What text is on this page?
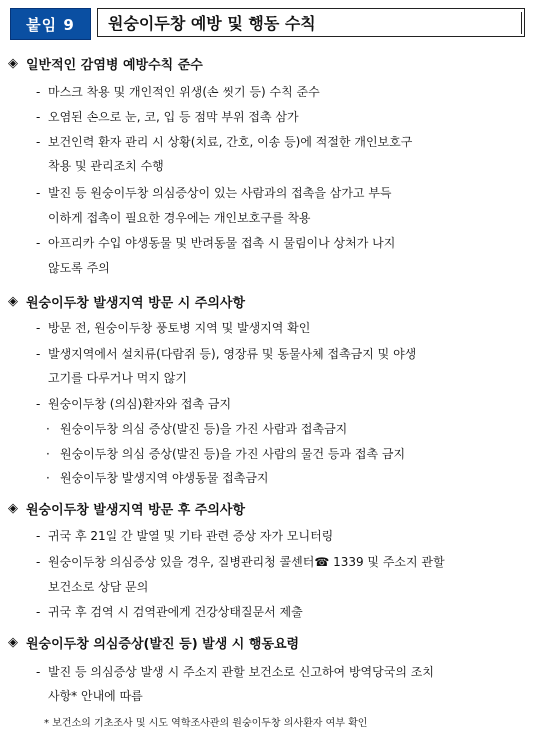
붙임 9	원숭이두창 예방 및 행동 수칙
◈ 일반적인 감염병 예방수칙 준수
- 마스크 착용 및 개인적인 위생(손 씻기 등) 수칙 준수
- 오염된 손으로 눈, 코, 입 등 점막 부위 접촉 삼가
- 보건인력 환자 관리 시 상황(치료, 간호, 이송 등)에 적절한 개인보호구
착용 및 관리조치 수행
- 발진 등 원숭이두창 의심증상이 있는 사람과의 접촉을 삼가고 부득
이하게 접촉이 필요한 경우에는 개인보호구를 착용
- 아프리카 수입 야생동물 및 반려동물 접촉 시 물림이나 상처가 나지
않도록 주의
◈ 원숭이두창 발생지역 방문 시 주의사항
- 방문 전, 원숭이두창 풍토병 지역 및 발생지역 확인
- 발생지역에서 설치류(다람쥐 등), 영장류 및 동물사체 접촉금지 및 야생
고기를 다루거나 먹지 않기
- 원숭이두창 (의심)환자와 접촉 금지
· 원숭이두창 의심 증상(발진 등)을 가진 사람과 접촉금지
· 원숭이두창 의심 증상(발진 등)을 가진 사람의 물건 등과 접촉 금지
· 원숭이두창 발생지역 야생동물 접촉금지
◈ 원숭이두창 발생지역 방문 후 주의사항
- 귀국 후 21일 간 발열 및 기타 관련 증상 자가 모니터링
- 원숭이두창 의심증상 있을 경우, 질병관리청 콜센터☎ 1339 및 주소지 관할
보건소로 상담 문의
- 귀국 후 검역 시 검역관에게 건강상태질문서 제출
◈ 원숭이두창 의심증상(발진 등) 발생 시 행동요령
- 발진 등 의심증상 발생 시 주소지 관할 보건소로 신고하여 방역당국의 조치
사항* 안내에 따름
* 보건소의 기초조사 및 시도 역학조사관의 원숭이두창 의사환자 여부 확인
